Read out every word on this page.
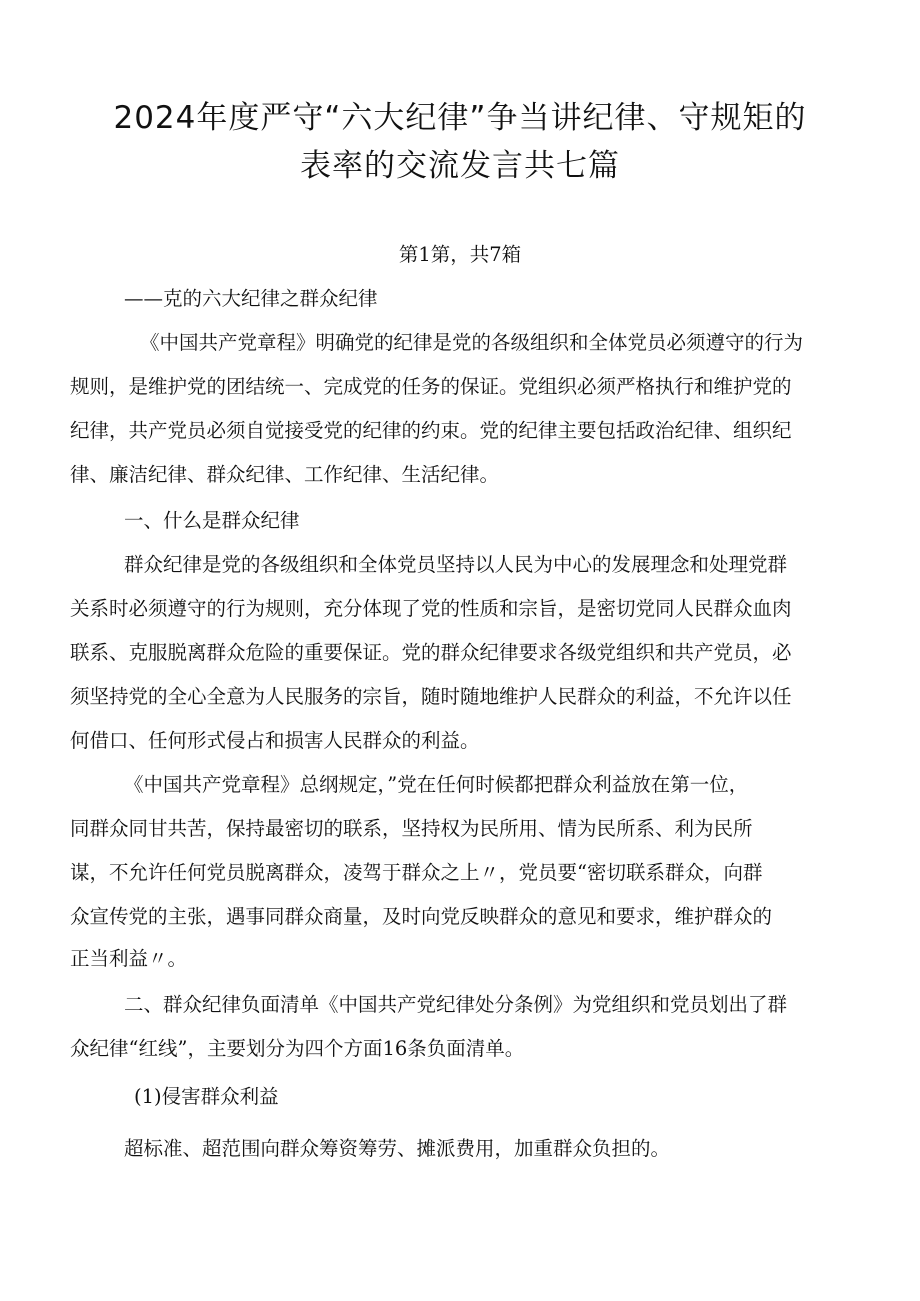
2024年度严守“六大纪律”争当讲纪律、守规矩的
表率的交流发言共七篇
第1第，共7箱
——克的六大纪律之群众纪律
《中国共产党章程》明确党的纪律是党的各级组织和全体党员必须遵守的行为
规则，是维护党的团结统一、完成党的任务的保证。党组织必须严格执行和维护党的
纪律，共产党员必须自觉接受党的纪律的约束。党的纪律主要包括政治纪律、组织纪
律、廉洁纪律、群众纪律、工作纪律、生活纪律。
一、什么是群众纪律
群众纪律是党的各级组织和全体党员坚持以人民为中心的发展理念和处理党群
关系时必须遵守的行为规则，充分体现了党的性质和宗旨，是密切党同人民群众血肉
联系、克服脱离群众危险的重要保证。党的群众纪律要求各级党组织和共产党员，必
须坚持党的全心全意为人民服务的宗旨，随时随地维护人民群众的利益，不允许以任
何借口、任何形式侵占和损害人民群众的利益。
《中国共产党章程》总纲规定，”党在任何时候都把群众利益放在第一位，
同群众同甘共苦，保持最密切的联系，坚持权为民所用、情为民所系、利为民所
谋，不允许任何党员脱离群众，凌驾于群众之上〃，党员要“密切联系群众，向群
众宣传党的主张，遇事同群众商量，及时向党反映群众的意见和要求，维护群众的
正当利益〃。
二、群众纪律负面清单《中国共产党纪律处分条例》为党组织和党员划出了群
众纪律“红线”，主要划分为四个方面16条负面清单。
(1)侵害群众利益
超标准、超范围向群众筹资筹劳、摊派费用，加重群众负担的。
